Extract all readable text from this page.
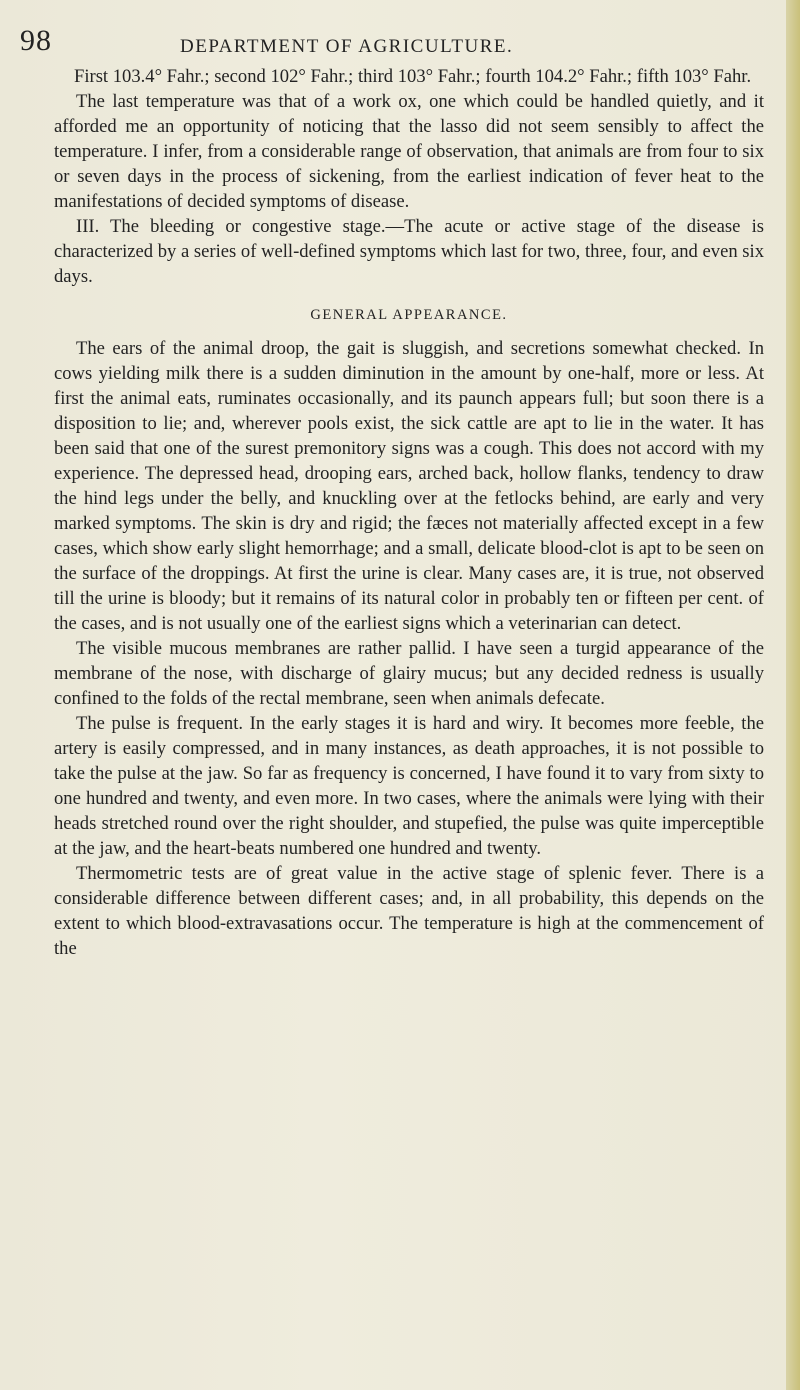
98	DEPARTMENT OF AGRICULTURE.

First 103.4° Fahr.; second 102° Fahr.; third 103° Fahr.; fourth 104.2° Fahr.; fifth 103° Fahr.

The last temperature was that of a work ox, one which could be handled quietly, and it afforded me an opportunity of noticing that the lasso did not seem sensibly to affect the temperature. I infer, from a considerable range of observation, that animals are from four to six or seven days in the process of sickening, from the earliest indication of fever heat to the manifestations of decided symptoms of disease.

III. The bleeding or congestive stage.—The acute or active stage of the disease is characterized by a series of well-defined symptoms which last for two, three, four, and even six days.

GENERAL APPEARANCE.

The ears of the animal droop, the gait is sluggish, and secretions somewhat checked. In cows yielding milk there is a sudden diminution in the amount by one-half, more or less. At first the animal eats, ruminates occasionally, and its paunch appears full; but soon there is a disposition to lie; and, wherever pools exist, the sick cattle are apt to lie in the water. It has been said that one of the surest premonitory signs was a cough. This does not accord with my experience. The depressed head, drooping ears, arched back, hollow flanks, tendency to draw the hind legs under the belly, and knuckling over at the fetlocks behind, are early and very marked symptoms. The skin is dry and rigid; the fæces not materially affected except in a few cases, which show early slight hemorrhage; and a small, delicate blood-clot is apt to be seen on the surface of the droppings. At first the urine is clear. Many cases are, it is true, not observed till the urine is bloody; but it remains of its natural color in probably ten or fifteen per cent. of the cases, and is not usually one of the earliest signs which a veterinarian can detect.

The visible mucous membranes are rather pallid. I have seen a turgid appearance of the membrane of the nose, with discharge of glairy mucus; but any decided redness is usually confined to the folds of the rectal membrane, seen when animals defecate.

The pulse is frequent. In the early stages it is hard and wiry. It becomes more feeble, the artery is easily compressed, and in many instances, as death approaches, it is not possible to take the pulse at the jaw. So far as frequency is concerned, I have found it to vary from sixty to one hundred and twenty, and even more. In two cases, where the animals were lying with their heads stretched round over the right shoulder, and stupefied, the pulse was quite imperceptible at the jaw, and the heart-beats numbered one hundred and twenty.

Thermometric tests are of great value in the active stage of splenic fever. There is a considerable difference between different cases; and, in all probability, this depends on the extent to which blood-extravasations occur. The temperature is high at the commencement of the
